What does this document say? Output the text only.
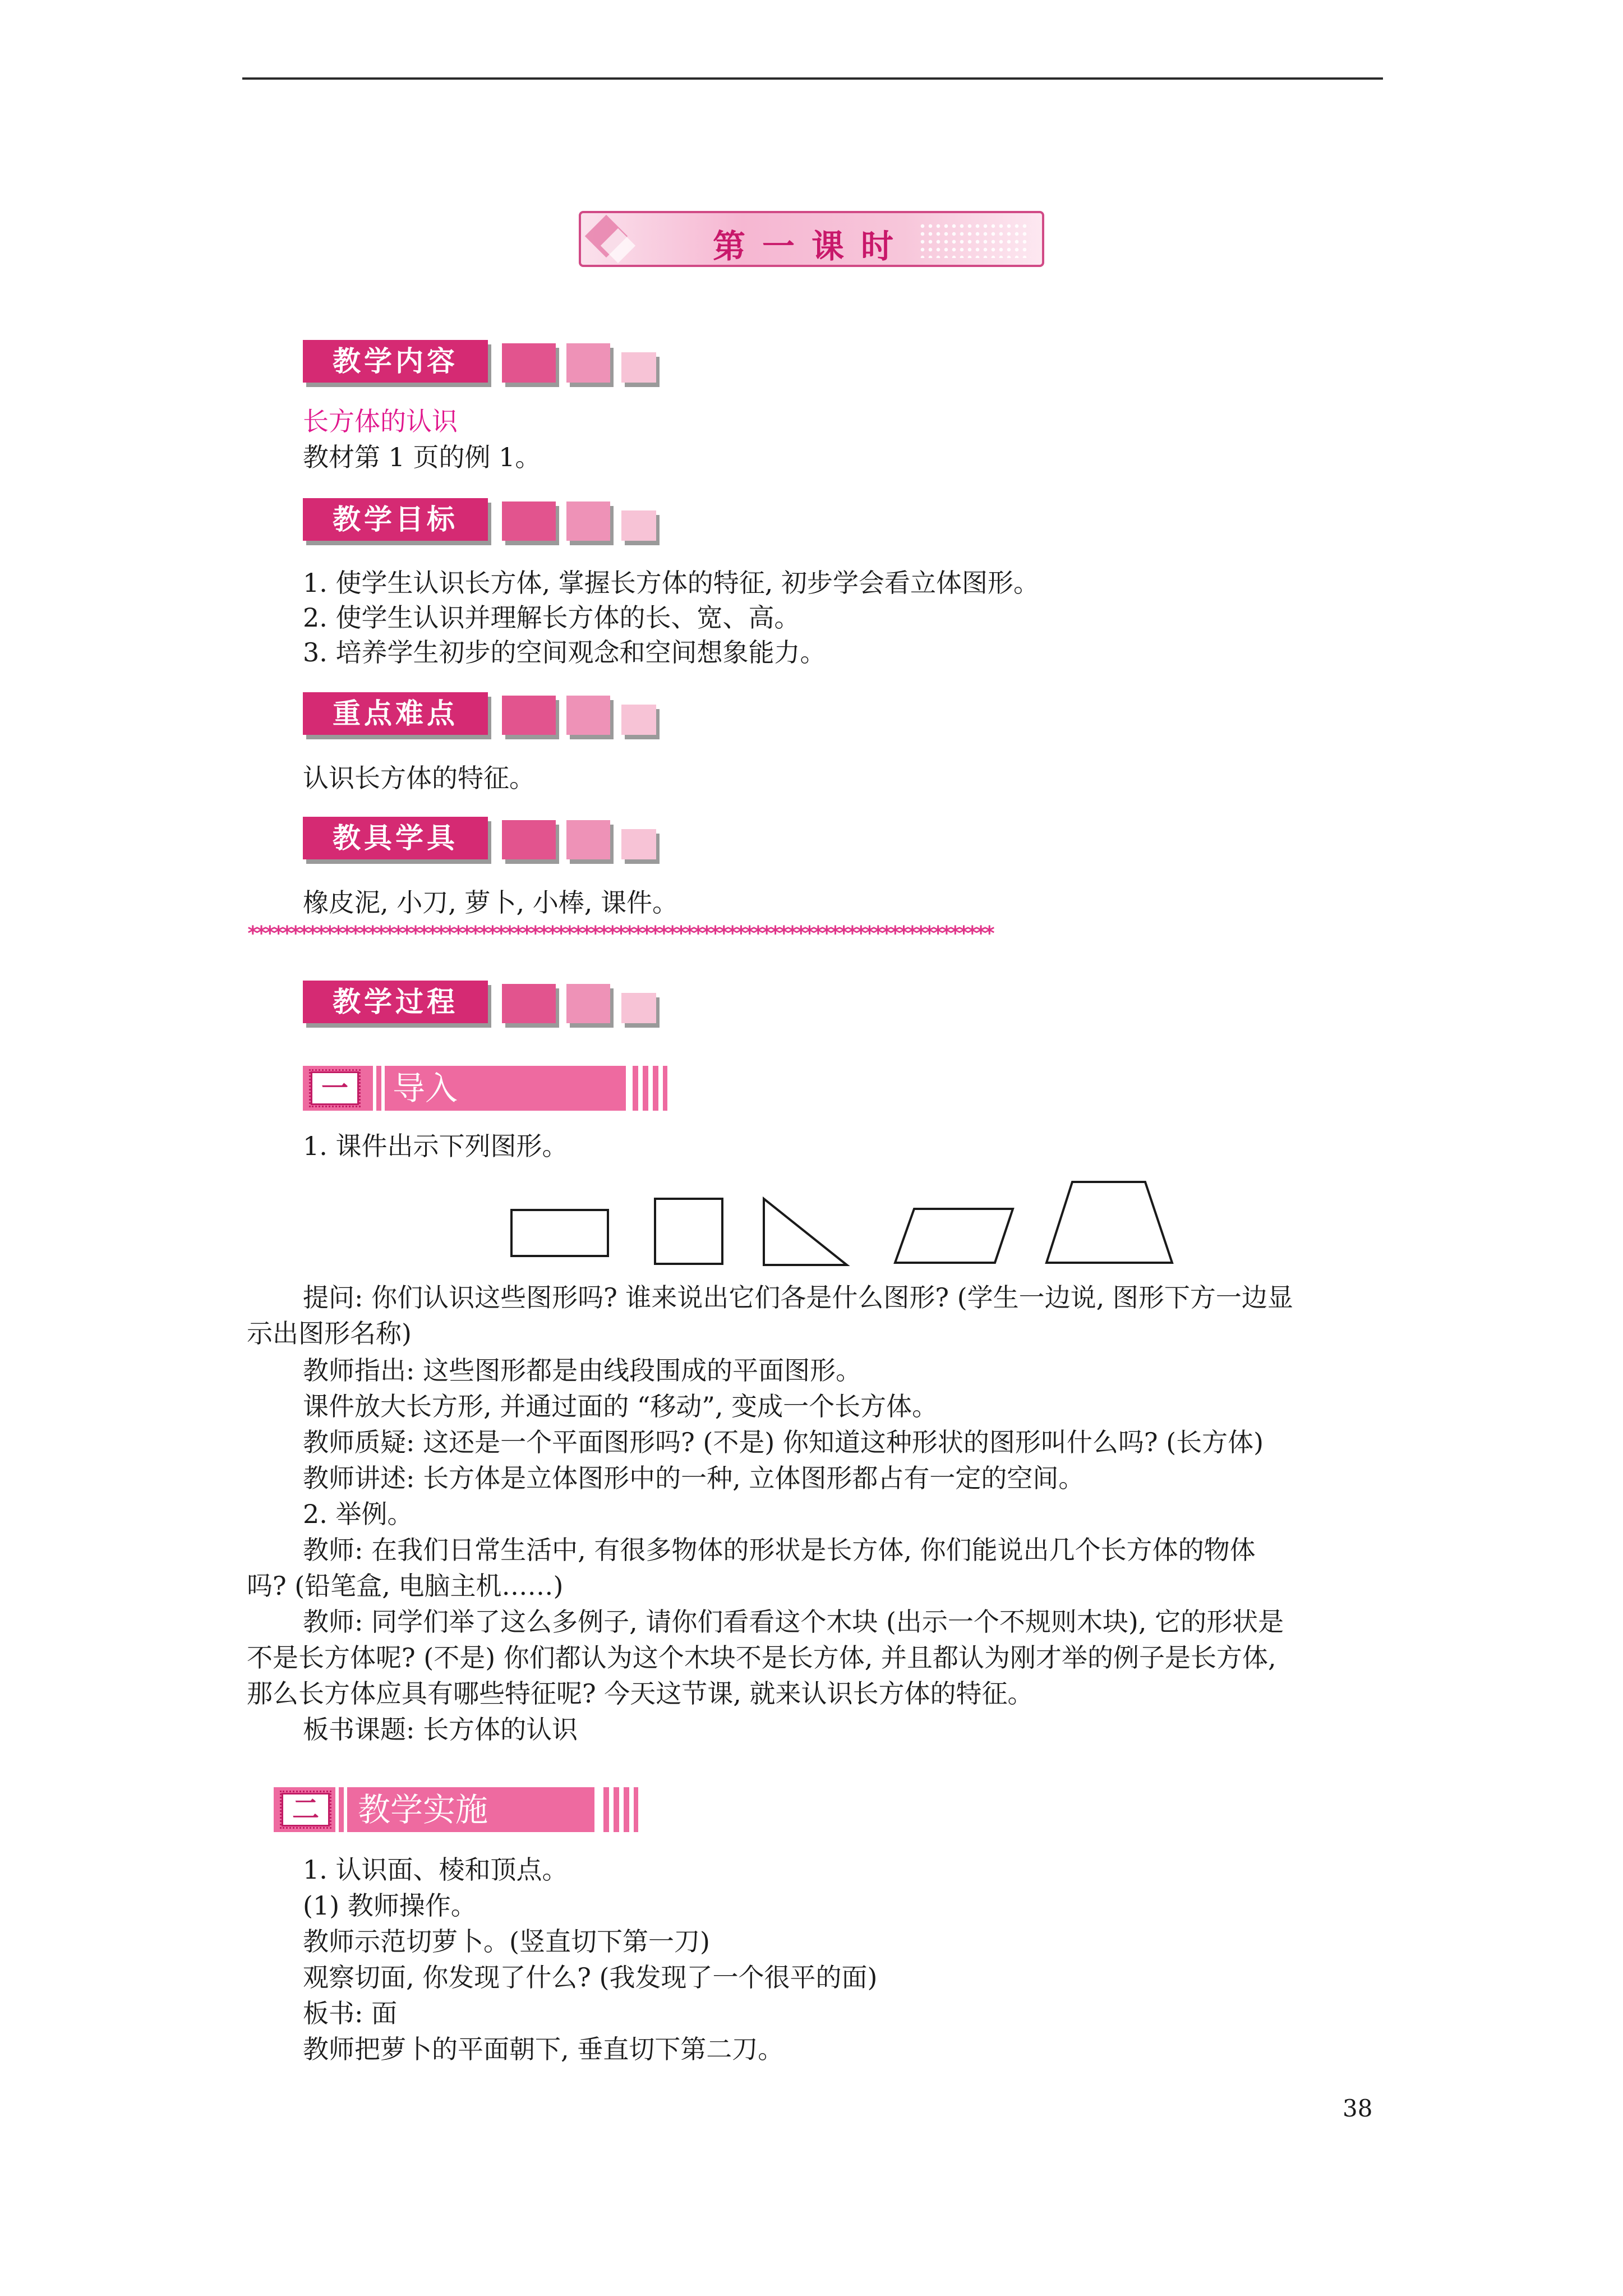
第一课时
教学内容
长方体的认识
教材第 1 页的例 1。
教学目标
1. 使学生认识长方体, 掌握长方体的特征, 初步学会看立体图形。
2. 使学生认识并理解长方体的长、宽、高。
3. 培养学生初步的空间观念和空间想象能力。
重点难点
认识长方体的特征。
教具学具
橡皮泥, 小刀, 萝卜, 小棒, 课件。
***************************************************************************************
教学过程
一	导入
1. 课件出示下列图形。
提问: 你们认识这些图形吗? 谁来说出它们各是什么图形? (学生一边说, 图形下方一边显
示出图形名称)
教师指出: 这些图形都是由线段围成的平面图形。
课件放大长方形, 并通过面的 “移动”, 变成一个长方体。
教师质疑: 这还是一个平面图形吗? (不是) 你知道这种形状的图形叫什么吗? (长方体)
教师讲述: 长方体是立体图形中的一种, 立体图形都占有一定的空间。
2. 举例。
教师: 在我们日常生活中, 有很多物体的形状是长方体, 你们能说出几个长方体的物体
吗? (铅笔盒, 电脑主机……)
教师: 同学们举了这么多例子, 请你们看看这个木块 (出示一个不规则木块), 它的形状是
不是长方体呢? (不是) 你们都认为这个木块不是长方体, 并且都认为刚才举的例子是长方体,
那么长方体应具有哪些特征呢? 今天这节课, 就来认识长方体的特征。
板书课题: 长方体的认识
二	教学实施
1. 认识面、棱和顶点。
(1) 教师操作。
教师示范切萝卜。(竖直切下第一刀)
观察切面, 你发现了什么? (我发现了一个很平的面)
板书: 面
教师把萝卜的平面朝下, 垂直切下第二刀。
38
